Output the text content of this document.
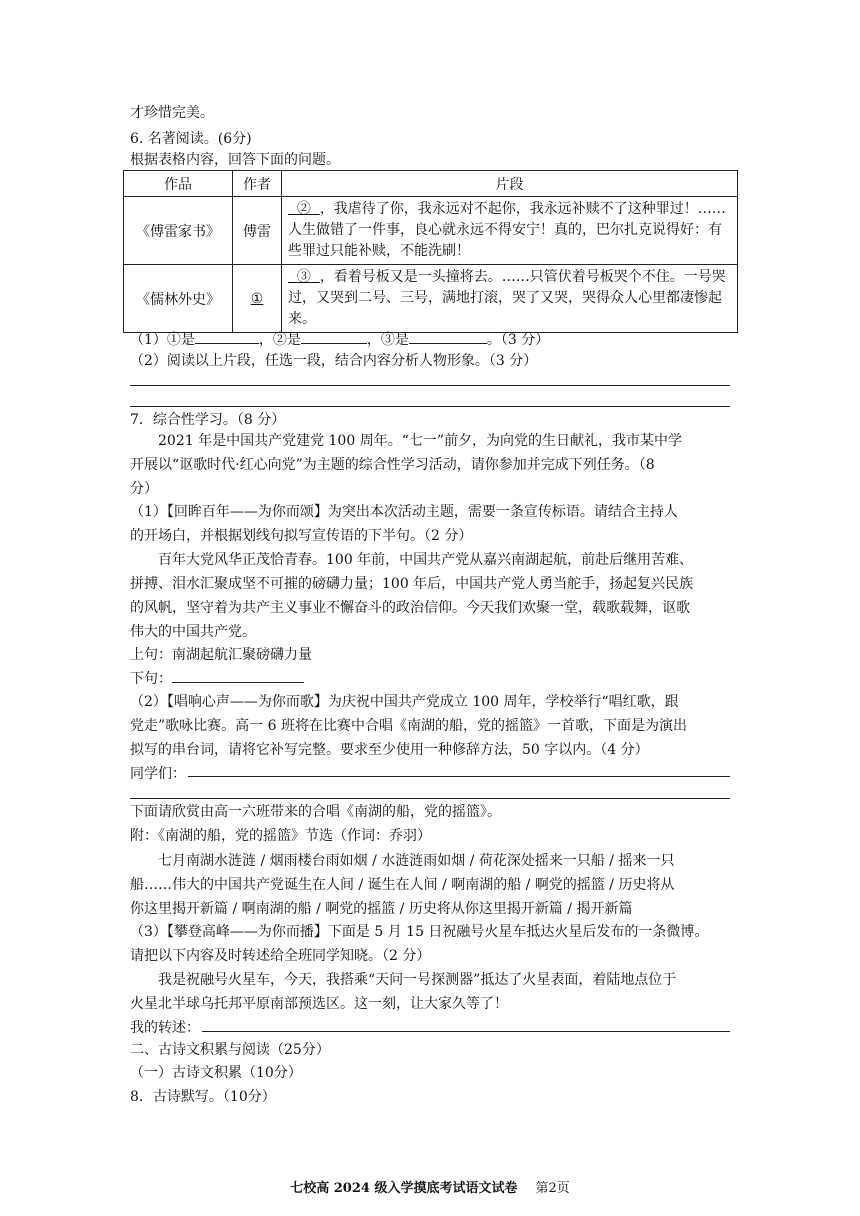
才珍惜完美。
6. 名著阅读。(6分)
根据表格内容，回答下面的问题。
作品	作者	片段
《傅雷家书》	傅雷	② ，我虐待了你，我永远对不起你，我永远补赎不了这种罪过！……人生做错了一件事，良心就永远不得安宁！真的，巴尔扎克说得好：有些罪过只能补赎，不能洗刷！
《儒林外史》	①	③ ，看着号板又是一头撞将去。……只管伏着号板哭个不住。一号哭过，又哭到二号、三号，满地打滚，哭了又哭，哭得众人心里都凄惨起来。
（1）①是	，②是	，③是	。（3 分）
（2）阅读以上片段，任选一段，结合内容分析人物形象。（3 分）
7．综合性学习。（8 分）
2021 年是中国共产党建党 100 周年。“七一”前夕，为向党的生日献礼，我市某中学
开展以“讴歌时代·红心向党”为主题的综合性学习活动，请你参加并完成下列任务。（8
分）
（1）【回眸百年——为你而颂】为突出本次活动主题，需要一条宣传标语。请结合主持人
的开场白，并根据划线句拟写宣传语的下半句。（2 分）
百年大党风华正茂恰青春。100 年前，中国共产党从嘉兴南湖起航，前赴后继用苦难、
拼搏、泪水汇聚成坚不可摧的磅礴力量；100 年后，中国共产党人勇当舵手，扬起复兴民族
的风帆，坚守着为共产主义事业不懈奋斗的政治信仰。今天我们欢聚一堂，载歌载舞，讴歌
伟大的中国共产党。
上句：南湖起航汇聚磅礴力量
下句：
（2）【唱响心声——为你而歌】为庆祝中国共产党成立 100 周年，学校举行“唱红歌，跟
党走”歌咏比赛。高一 6 班将在比赛中合唱《南湖的船，党的摇篮》一首歌，下面是为演出
拟写的串台词，请将它补写完整。要求至少使用一种修辞方法，50 字以内。（4 分）
同学们：
下面请欣赏由高一六班带来的合唱《南湖的船，党的摇篮》。
附：《南湖的船，党的摇篮》节选（作词：乔羽）
七月南湖水涟涟 / 烟雨楼台雨如烟 / 水涟涟雨如烟 / 荷花深处摇来一只船 / 摇来一只
船……伟大的中国共产党诞生在人间 / 诞生在人间 / 啊南湖的船 / 啊党的摇篮 / 历史将从
你这里揭开新篇 / 啊南湖的船 / 啊党的摇篮 / 历史将从你这里揭开新篇 / 揭开新篇
（3）【攀登高峰——为你而播】下面是 5 月 15 日祝融号火星车抵达火星后发布的一条微博。
请把以下内容及时转述给全班同学知晓。（2 分）
我是祝融号火星车，今天，我搭乘“天问一号探测器”抵达了火星表面，着陆地点位于
火星北半球乌托邦平原南部预选区。这一刻，让大家久等了！
我的转述：
二、古诗文积累与阅读（25分）
（一）古诗文积累（10分）
8．古诗默写。（10分）
七校高 2024 级入学摸底考试语文试卷 第2页
